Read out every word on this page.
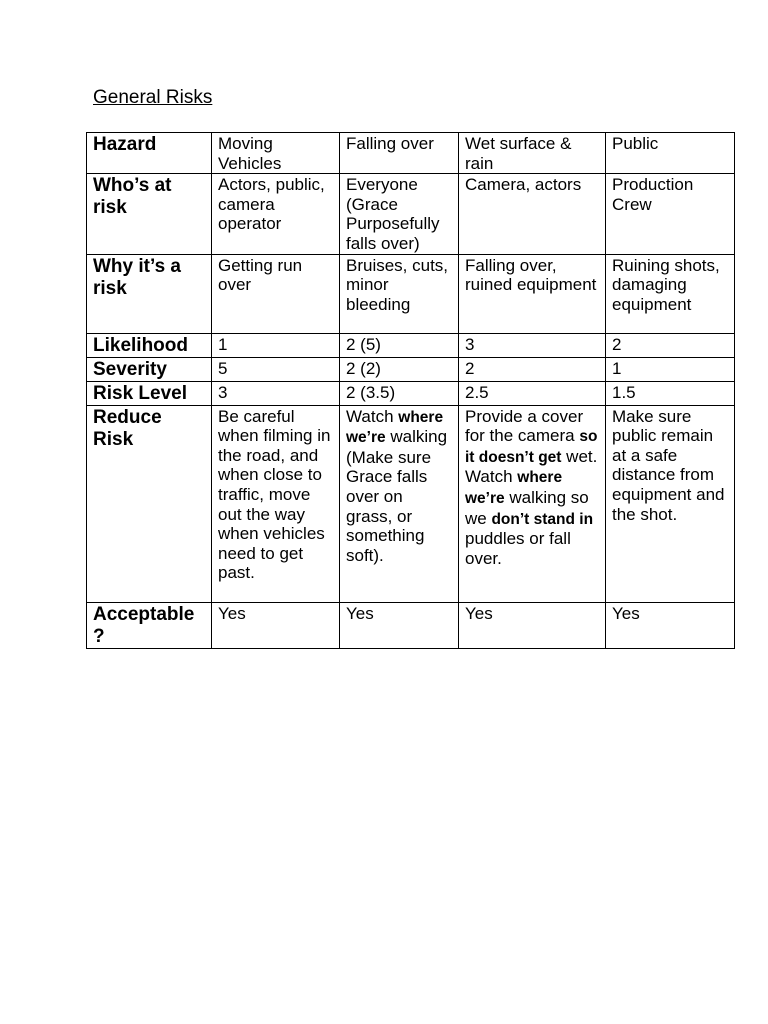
General Risks
Hazard	Moving Vehicles	Falling over	Wet surface & rain	Public
Who’s at risk	Actors, public, camera operator	Everyone (Grace Purposefully falls over)	Camera, actors	Production Crew
Why it’s a risk	Getting run over	Bruises, cuts, minor bleeding	Falling over, ruined equipment	Ruining shots, damaging equipment
Likelihood	1	2 (5)	3	2
Severity	5	2 (2)	2	1
Risk Level	3	2 (3.5)	2.5	1.5
Reduce Risk	Be careful when filming in the road, and when close to traffic, move out the way when vehicles need to get past.	Watch where we’re walking (Make sure Grace falls over on grass, or something soft).	Provide a cover for the camera so it doesn’t get wet. Watch where we’re walking so we don’t stand in puddles or fall over.	Make sure public remain at a safe distance from equipment and the shot.
Acceptable ?	Yes	Yes	Yes	Yes
